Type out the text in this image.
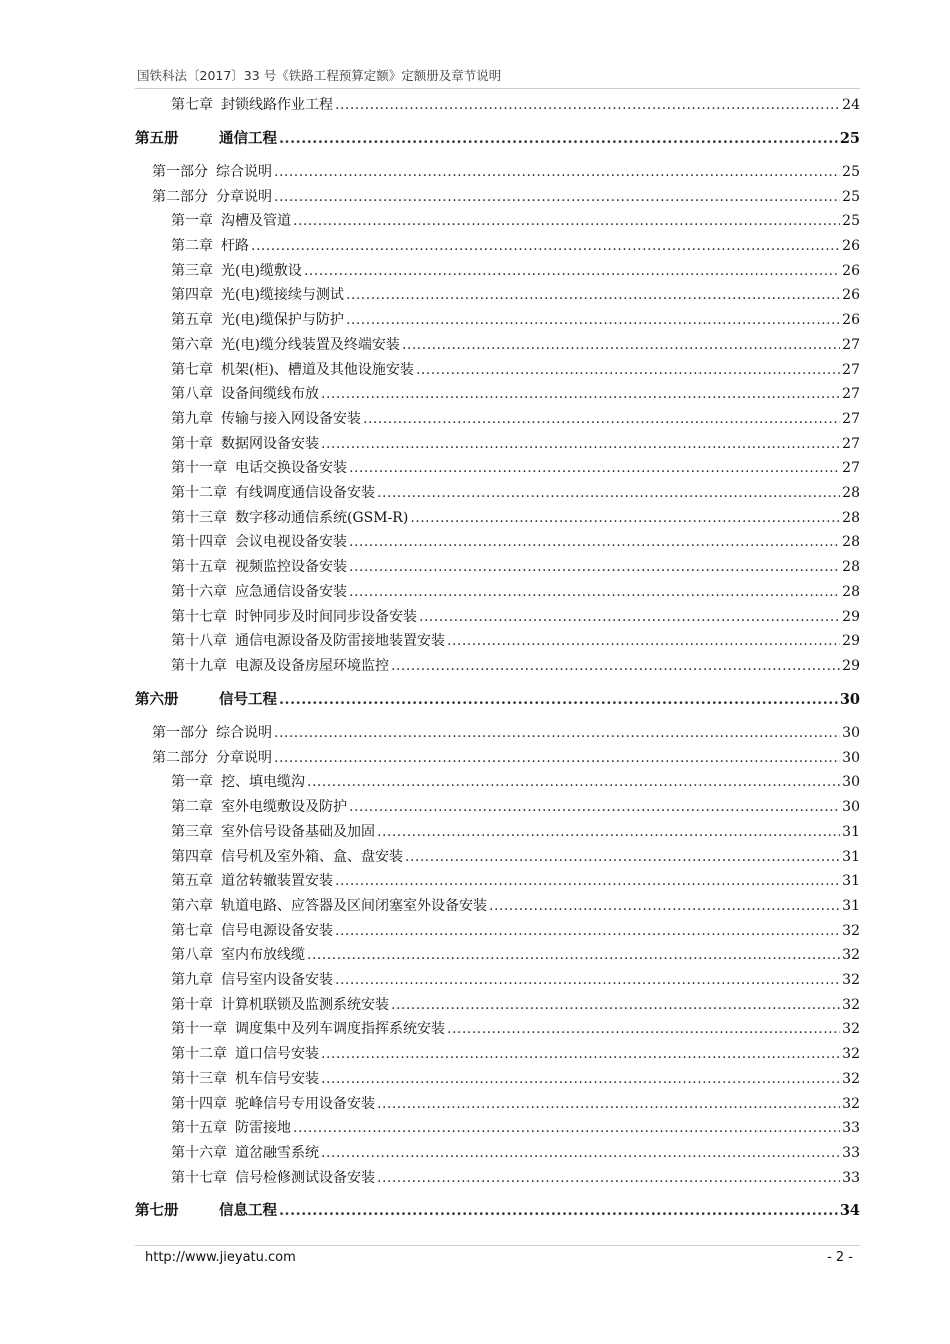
国铁科法〔2017〕33 号《铁路工程预算定额》定额册及章节说明
第七章 封锁线路作业工程 .....	24
第五册	通信工程 .....	25
第一部分 综合说明 .....	25
第二部分 分章说明 .....	25
第一章 沟槽及管道 .....	25
第二章 杆路 .....	26
第三章 光(电)缆敷设 .....	26
第四章 光(电)缆接续与测试 .....	26
第五章 光(电)缆保护与防护 .....	26
第六章 光(电)缆分线装置及终端安装 .....	27
第七章 机架(柜)、槽道及其他设施安装 .....	27
第八章 设备间缆线布放 .....	27
第九章 传输与接入网设备安装 .....	27
第十章 数据网设备安装 .....	27
第十一章 电话交换设备安装 .....	27
第十二章 有线调度通信设备安装 .....	28
第十三章 数字移动通信系统(GSM-R) .....	28
第十四章 会议电视设备安装 .....	28
第十五章 视频监控设备安装 .....	28
第十六章 应急通信设备安装 .....	28
第十七章 时钟同步及时间同步设备安装 .....	29
第十八章 通信电源设备及防雷接地装置安装 .....	29
第十九章 电源及设备房屋环境监控 .....	29
第六册	信号工程 .....	30
第一部分 综合说明 .....	30
第二部分 分章说明 .....	30
第一章 挖、填电缆沟 .....	30
第二章 室外电缆敷设及防护 .....	30
第三章 室外信号设备基础及加固 .....	31
第四章 信号机及室外箱、盒、盘安装 .....	31
第五章 道岔转辙装置安装 .....	31
第六章 轨道电路、应答器及区间闭塞室外设备安装 .....	31
第七章 信号电源设备安装 .....	32
第八章 室内布放线缆 .....	32
第九章 信号室内设备安装 .....	32
第十章 计算机联锁及监测系统安装 .....	32
第十一章 调度集中及列车调度指挥系统安装 .....	32
第十二章 道口信号安装 .....	32
第十三章 机车信号安装 .....	32
第十四章 驼峰信号专用设备安装 .....	32
第十五章 防雷接地 .....	33
第十六章 道岔融雪系统 .....	33
第十七章 信号检修测试设备安装 .....	33
第七册	信息工程 .....	34
http://www.jieyatu.com	- 2 -
